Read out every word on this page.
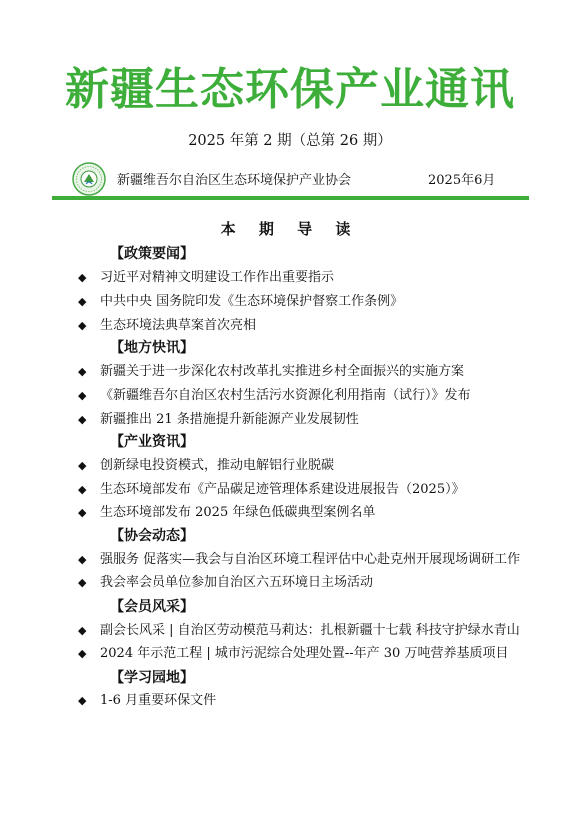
新疆生态环保产业通讯
2025 年第 2 期（总第 26 期）
新疆维吾尔自治区生态环境保护产业协会	2025年6月
本 期 导 读
【政策要闻】
◆ 习近平对精神文明建设工作作出重要指示
◆ 中共中央 国务院印发《生态环境保护督察工作条例》
◆ 生态环境法典草案首次亮相
【地方快讯】
◆ 新疆关于进一步深化农村改革扎实推进乡村全面振兴的实施方案
◆ 《新疆维吾尔自治区农村生活污水资源化利用指南（试行）》发布
◆ 新疆推出 21 条措施提升新能源产业发展韧性
【产业资讯】
◆ 创新绿电投资模式，推动电解铝行业脱碳
◆ 生态环境部发布《产品碳足迹管理体系建设进展报告（2025）》
◆ 生态环境部发布 2025 年绿色低碳典型案例名单
【协会动态】
◆ 强服务 促落实—我会与自治区环境工程评估中心赴克州开展现场调研工作
◆ 我会率会员单位参加自治区六五环境日主场活动
【会员风采】
◆ 副会长风采 | 自治区劳动模范马莉达：扎根新疆十七载 科技守护绿水青山
◆ 2024 年示范工程 | 城市污泥综合处理处置--年产 30 万吨营养基质项目
【学习园地】
◆ 1-6 月重要环保文件
